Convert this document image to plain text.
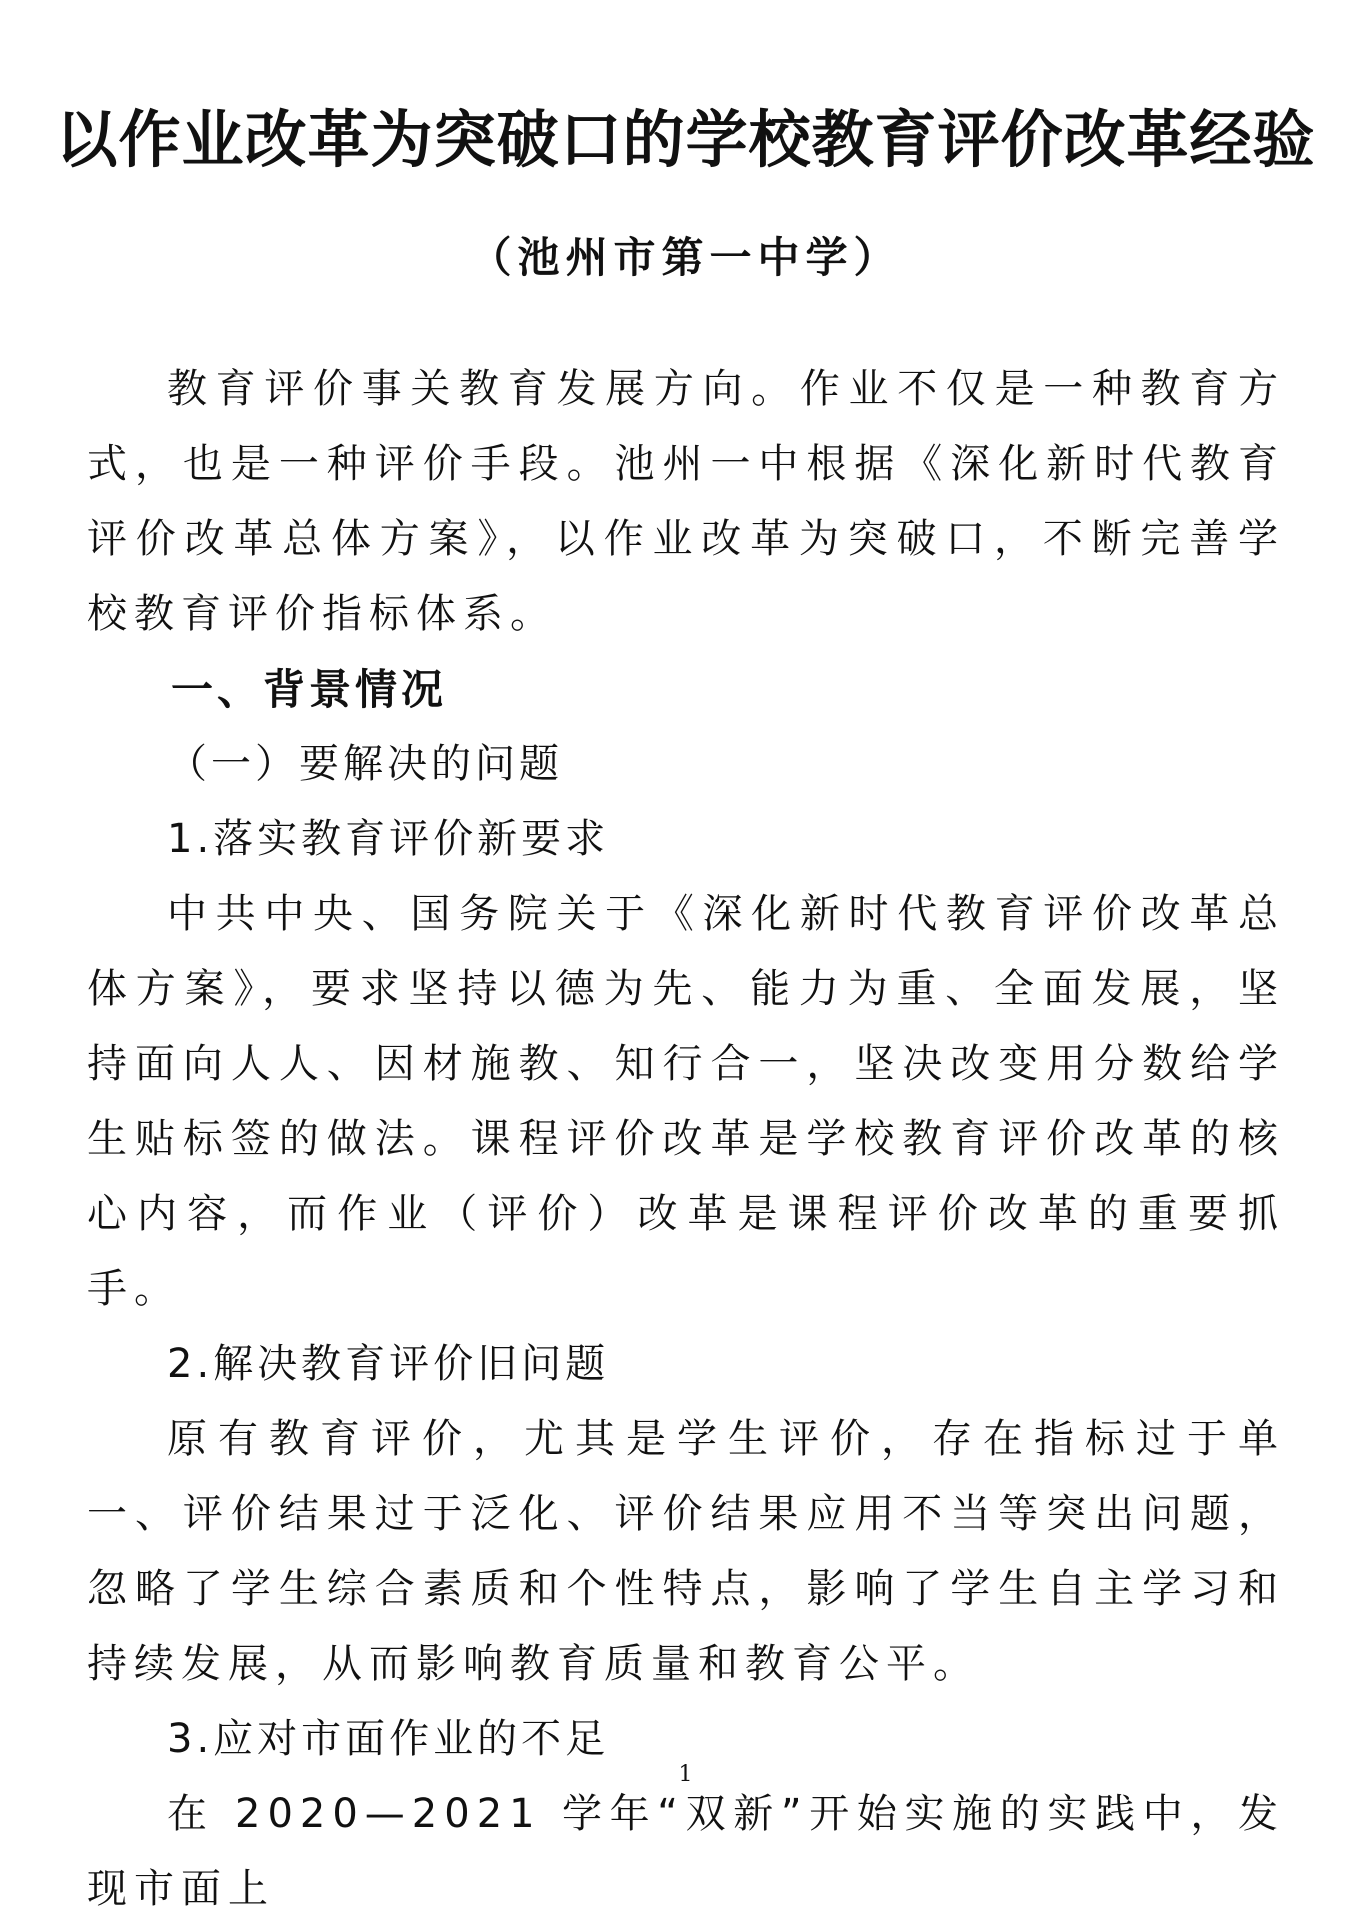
以作业改革为突破口的学校教育评价改革经验
（池州市第一中学）

教育评价事关教育发展方向。作业不仅是一种教育方式，也是一种评价手段。池州一中根据《深化新时代教育评价改革总体方案》，以作业改革为突破口，不断完善学校教育评价指标体系。

一、背景情况

（一）要解决的问题

1.落实教育评价新要求

中共中央、国务院关于《深化新时代教育评价改革总体方案》，要求坚持以德为先、能力为重、全面发展，坚持面向人人、因材施教、知行合一，坚决改变用分数给学生贴标签的做法。课程评价改革是学校教育评价改革的核心内容，而作业（评价）改革是课程评价改革的重要抓手。

2.解决教育评价旧问题

原有教育评价，尤其是学生评价，存在指标过于单一、评价结果过于泛化、评价结果应用不当等突出问题，忽略了学生综合素质和个性特点，影响了学生自主学习和持续发展，从而影响教育质量和教育公平。

3.应对市面作业的不足

在 2020—2021 学年“双新”开始实施的实践中，发现市面上

1
